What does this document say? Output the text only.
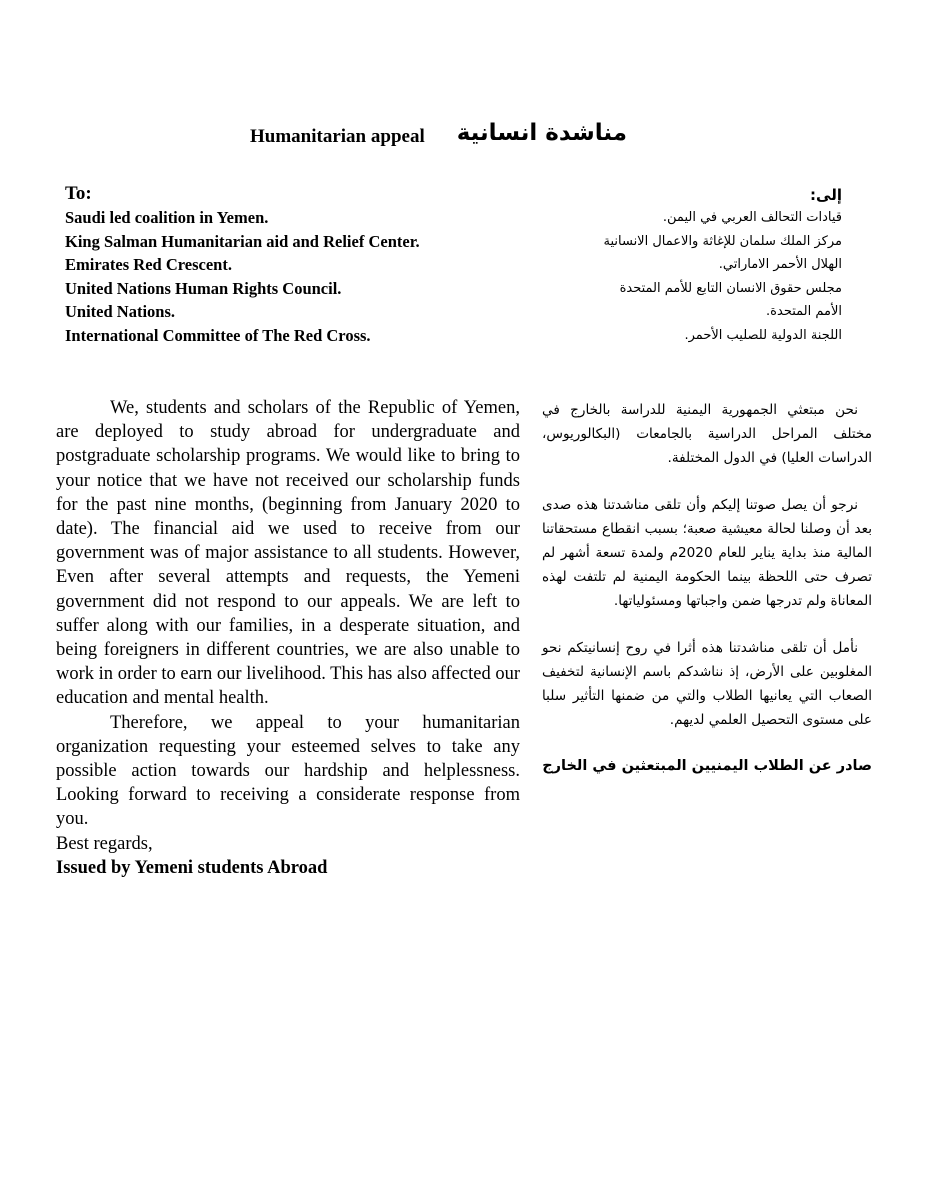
Humanitarian appeal مناشدة انسانية
To:
Saudi led coalition in Yemen.
King Salman Humanitarian aid and Relief Center.
Emirates Red Crescent.
United Nations Human Rights Council.
United Nations.
International Committee of The Red Cross.
إلى:
قيادات التحالف العربي في اليمن.
مركز الملك سلمان للإغاثة والاعمال الانسانية
الهلال الأحمر الاماراتي.
مجلس حقوق الانسان التابع للأمم المتحدة
الأمم المتحدة.
اللجنة الدولية للصليب الأحمر.

We, students and scholars of the Republic of Yemen, are deployed to study abroad for undergraduate and postgraduate scholarship programs. We would like to bring to your notice that we have not received our scholarship funds for the past nine months, (beginning from January 2020 to date). The financial aid we used to receive from our government was of major assistance to all students. However, Even after several attempts and requests, the Yemeni government did not respond to our appeals. We are left to suffer along with our families, in a desperate situation, and being foreigners in different countries, we are also unable to work in order to earn our livelihood. This has also affected our education and mental health.

Therefore, we appeal to your humanitarian organization requesting your esteemed selves to take any possible action towards our hardship and helplessness. Looking forward to receiving a considerate response from you.

Best regards,
Issued by Yemeni students Abroad

نحن مبتعثي الجمهورية اليمنية للدراسة بالخارج في مختلف المراحل الدراسية بالجامعات (البكالوريوس، الدراسات العليا) في الدول المختلفة.

نرجو أن يصل صوتنا إليكم وأن تلقى مناشدتنا هذه صدى بعد أن وصلنا لحالة معيشية صعبة؛ بسبب انقطاع مستحقاتنا المالية منذ بداية يناير للعام 2020م ولمدة تسعة أشهر لم تصرف حتى اللحظة بينما الحكومة اليمنية لم تلتفت لهذه المعاناة ولم تدرجها ضمن واجباتها ومسئولياتها.

نأمل أن تلقى مناشدتنا هذه أثرا في روح إنسانيتكم نحو المغلوبين على الأرض، إذ نناشدكم باسم الإنسانية لتخفيف الصعاب التي يعانيها الطلاب والتي من ضمنها التأثير سلبا على مستوى التحصيل العلمي لديهم.

صادر عن الطلاب اليمنيين المبتعثين في الخارج
